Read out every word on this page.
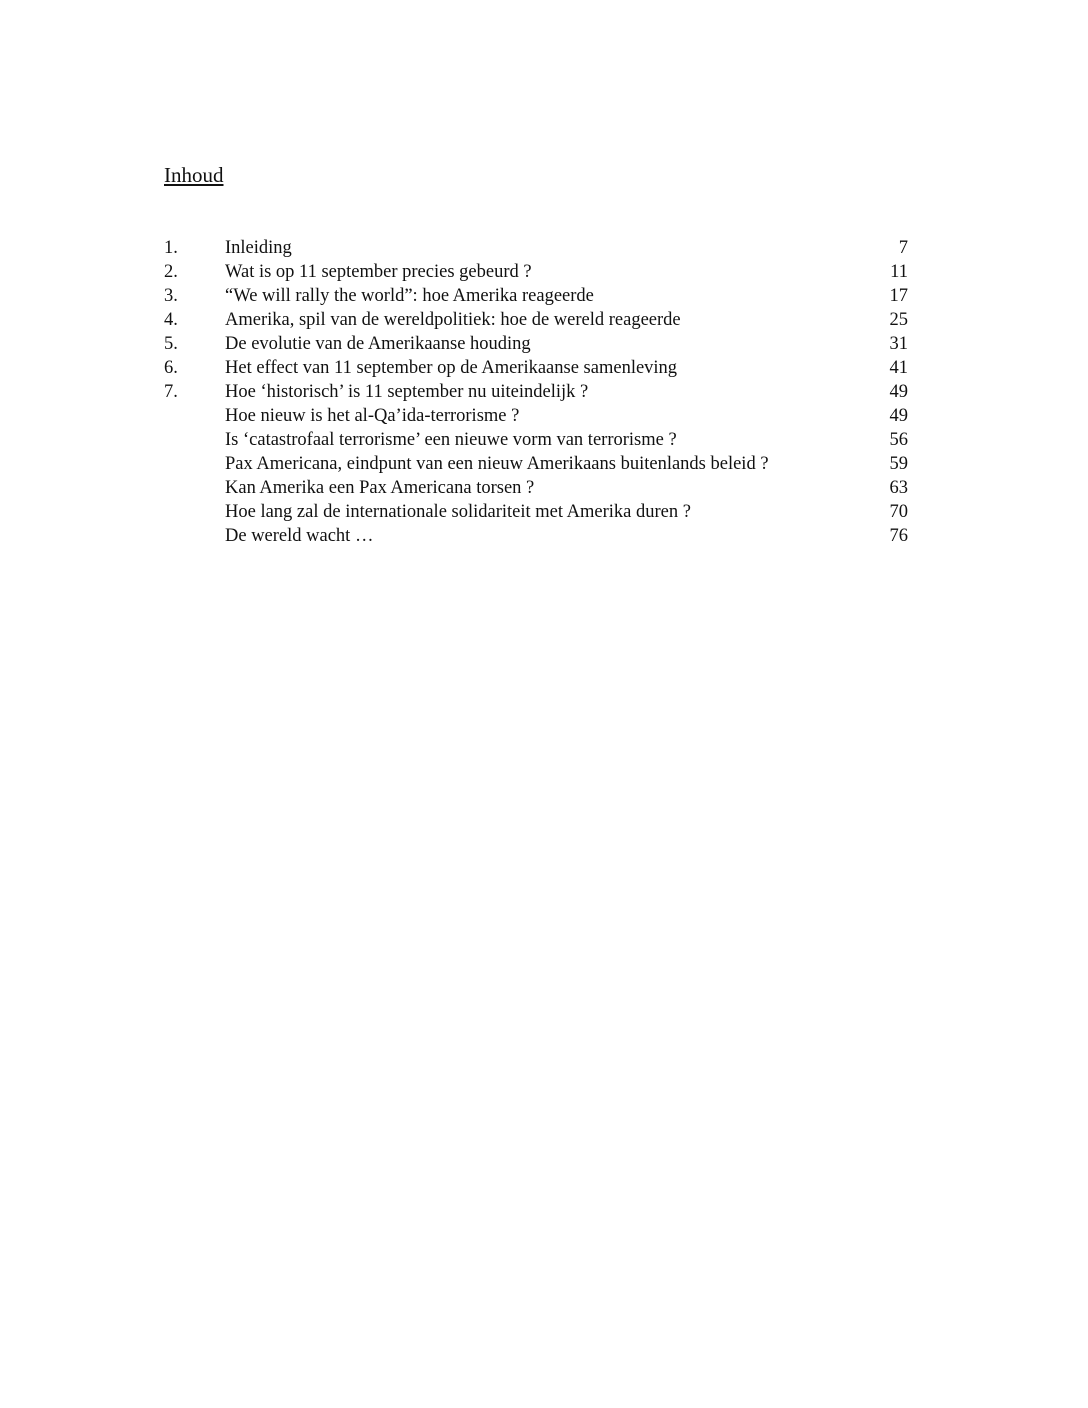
Inhoud
1.	Inleiding	7
2.	Wat is op 11 september precies gebeurd ?	11
3.	“We will rally the world”: hoe Amerika reageerde	17
4.	Amerika, spil van de wereldpolitiek: hoe de wereld reageerde	25
5.	De evolutie van de Amerikaanse houding	31
6.	Het effect van 11 september op de Amerikaanse samenleving	41
7.	Hoe ‘historisch’ is 11 september nu uiteindelijk ?	49
Hoe nieuw is het al-Qa’ida-terrorisme ?	49
Is ‘catastrofaal terrorisme’ een nieuwe vorm van terrorisme ?	56
Pax Americana, eindpunt van een nieuw Amerikaans buitenlands beleid ?	59
Kan Amerika een Pax Americana torsen ?	63
Hoe lang zal de internationale solidariteit met Amerika duren ?	70
De wereld wacht …	76
